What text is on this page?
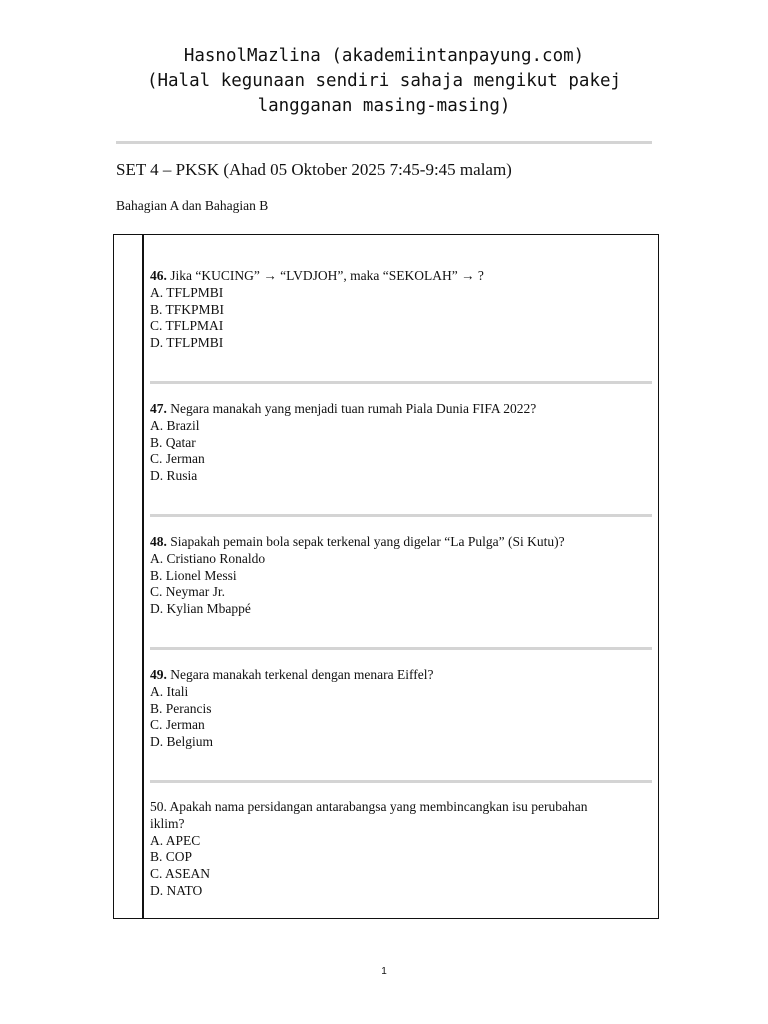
HasnolMazlina (akademiintanpayung.com)
(Halal kegunaan sendiri sahaja mengikut pakej
langganan masing-masing)
SET 4 – PKSK (Ahad 05 Oktober 2025 7:45-9:45 malam)
Bahagian A dan Bahagian B
46. Jika “KUCING” → “LVDJOH”, maka “SEKOLAH” → ?
A. TFLPMBI
B. TFKPMBI
C. TFLPMAI
D. TFLPMBI
47. Negara manakah yang menjadi tuan rumah Piala Dunia FIFA 2022?
A. Brazil
B. Qatar
C. Jerman
D. Rusia
48. Siapakah pemain bola sepak terkenal yang digelar “La Pulga” (Si Kutu)?
A. Cristiano Ronaldo
B. Lionel Messi
C. Neymar Jr.
D. Kylian Mbappé
49. Negara manakah terkenal dengan menara Eiffel?
A. Itali
B. Perancis
C. Jerman
D. Belgium
50. Apakah nama persidangan antarabangsa yang membincangkan isu perubahan iklim?
A. APEC
B. COP
C. ASEAN
D. NATO
1
